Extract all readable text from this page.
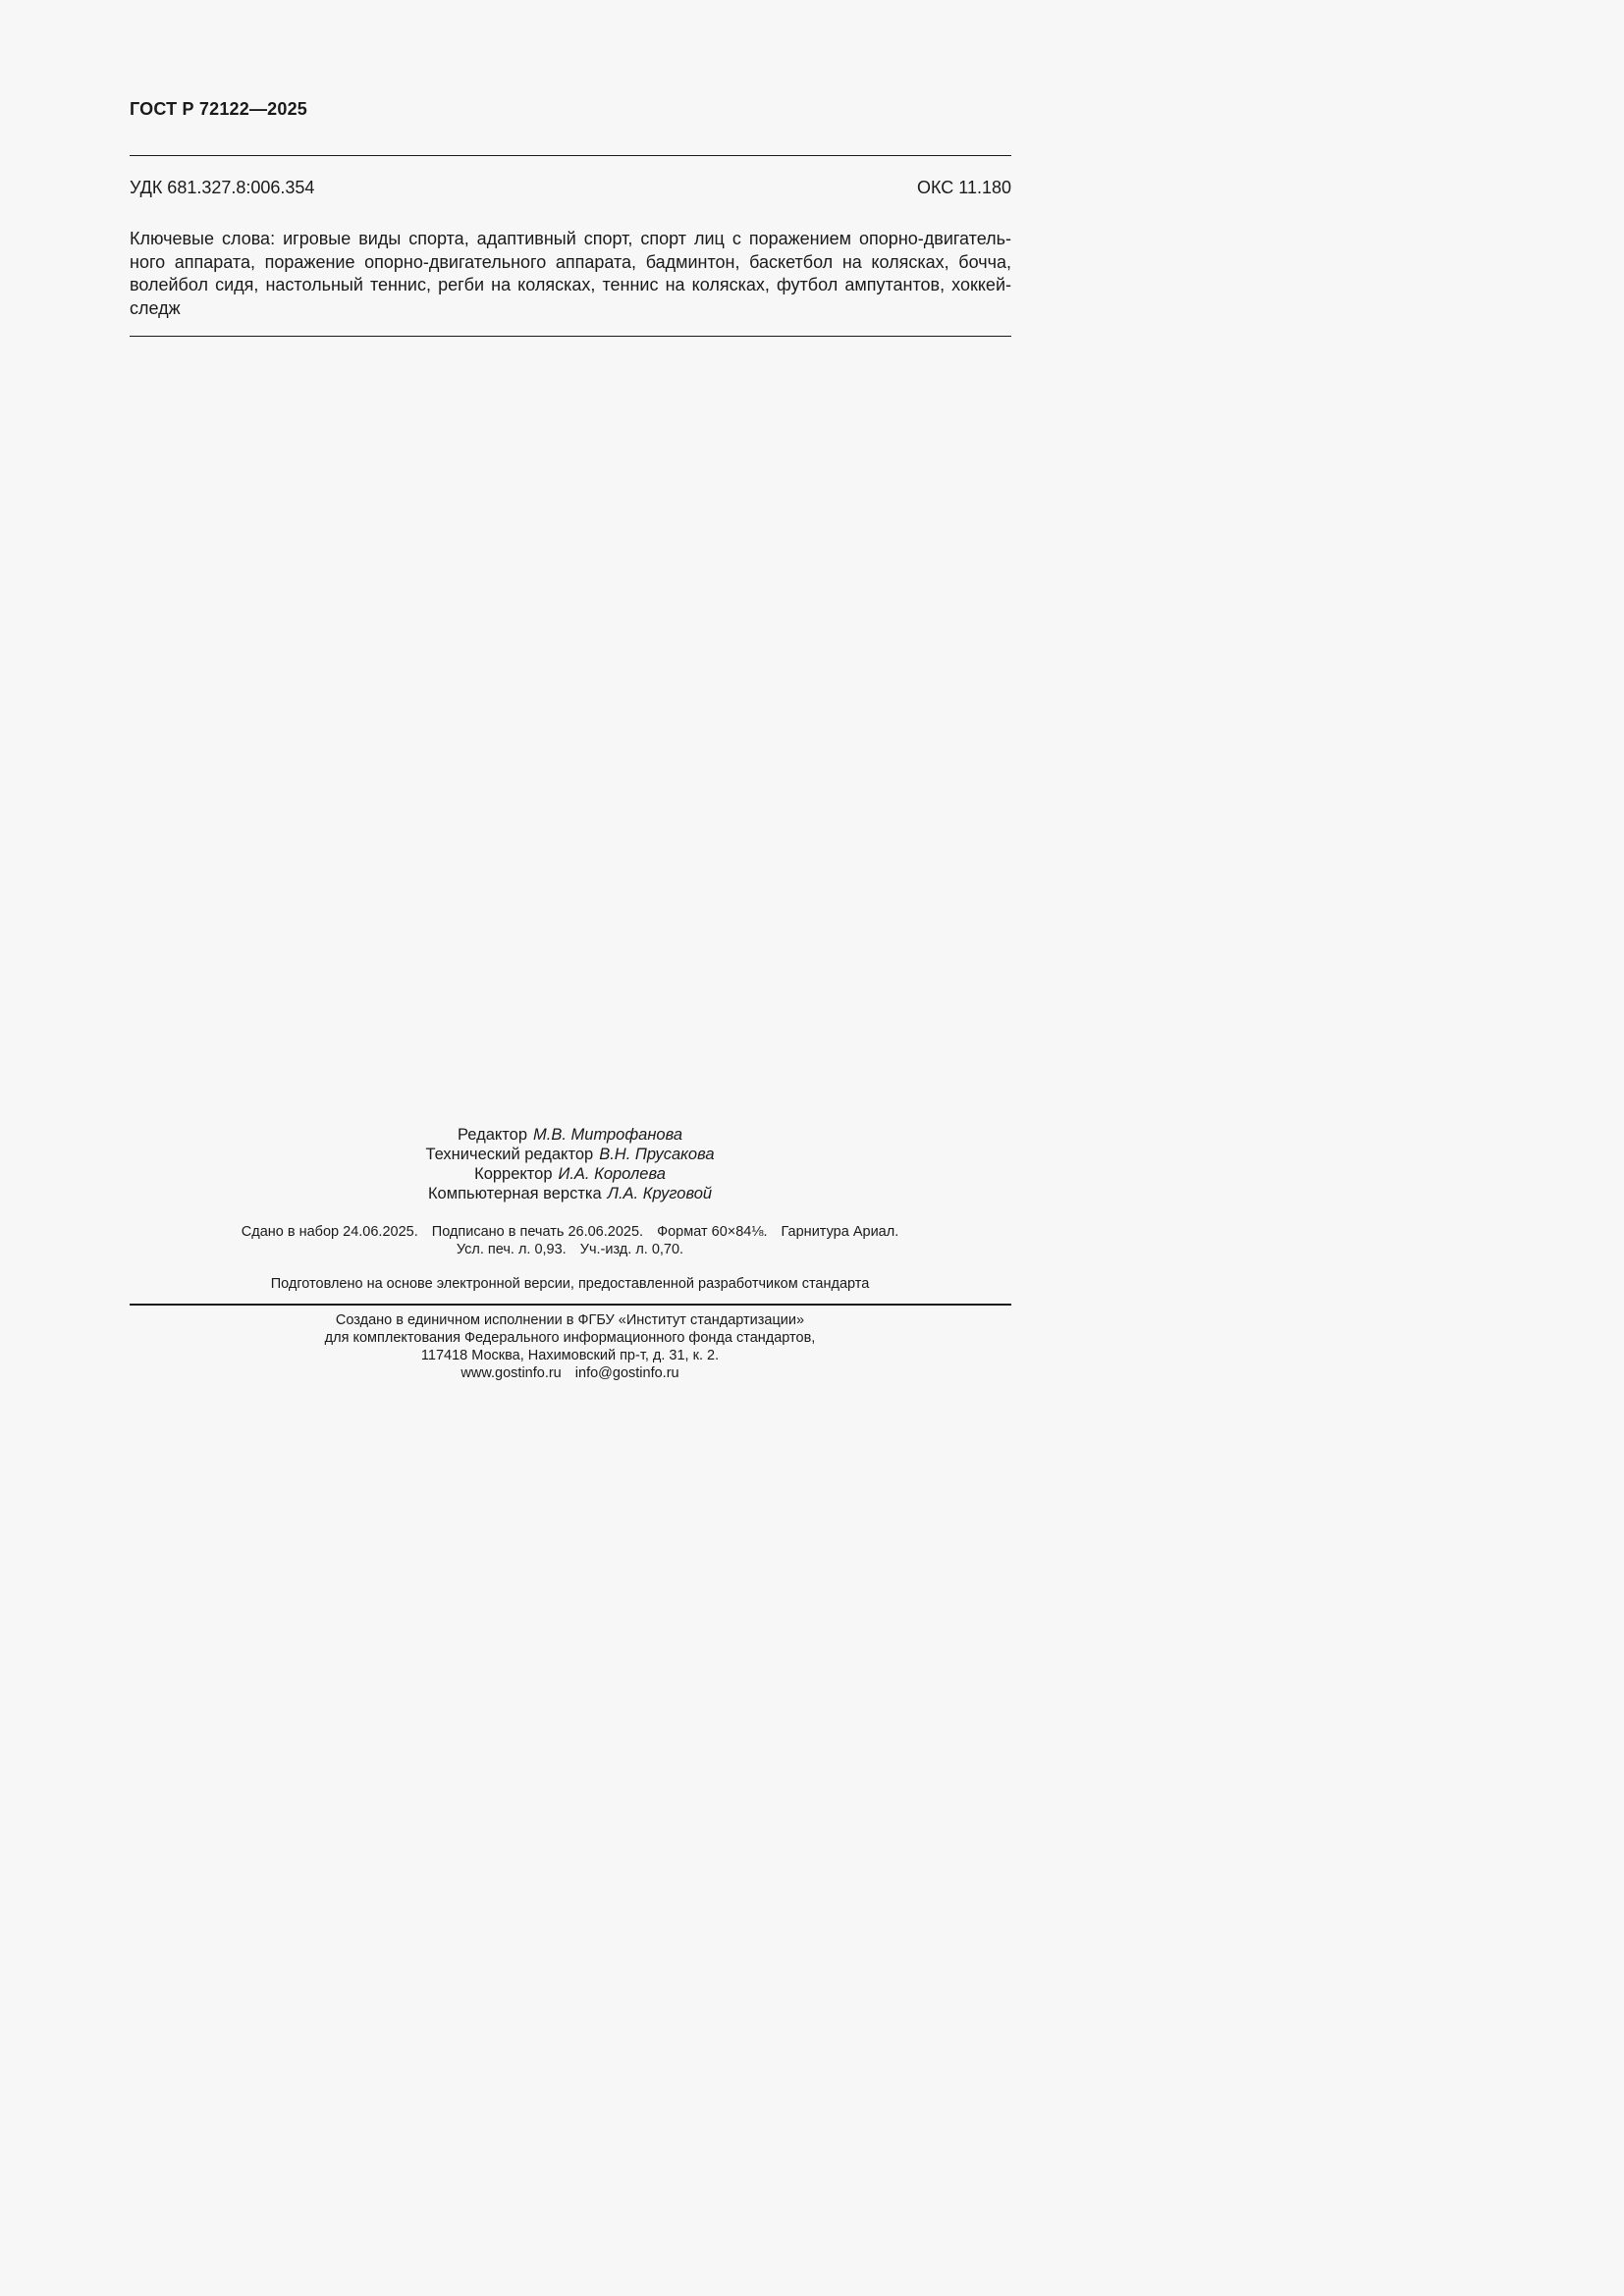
ГОСТ Р 72122—2025
УДК 681.327.8:006.354	ОКС 11.180

Ключевые слова: игровые виды спорта, адаптивный спорт, спорт лиц с поражением опорно-двигатель-ного аппарата, поражение опорно-двигательного аппарата, бадминтон, баскетбол на колясках, бочча, волейбол сидя, настольный теннис, регби на колясках, теннис на колясках, футбол ампутантов, хоккей-следж

Редактор М.В. Митрофанова
Технический редактор В.Н. Прусакова
Корректор И.А. Королева
Компьютерная верстка Л.А. Круговой
Сдано в набор 24.06.2025. Подписано в печать 26.06.2025. Формат 60×84⅛. Гарнитура Ариал.
Усл. печ. л. 0,93. Уч.-изд. л. 0,70.
Подготовлено на основе электронной версии, предоставленной разработчиком стандарта
Создано в единичном исполнении в ФГБУ «Институт стандартизации»
для комплектования Федерального информационного фонда стандартов,
117418 Москва, Нахимовский пр-т, д. 31, к. 2.
www.gostinfo.ru info@gostinfo.ru
